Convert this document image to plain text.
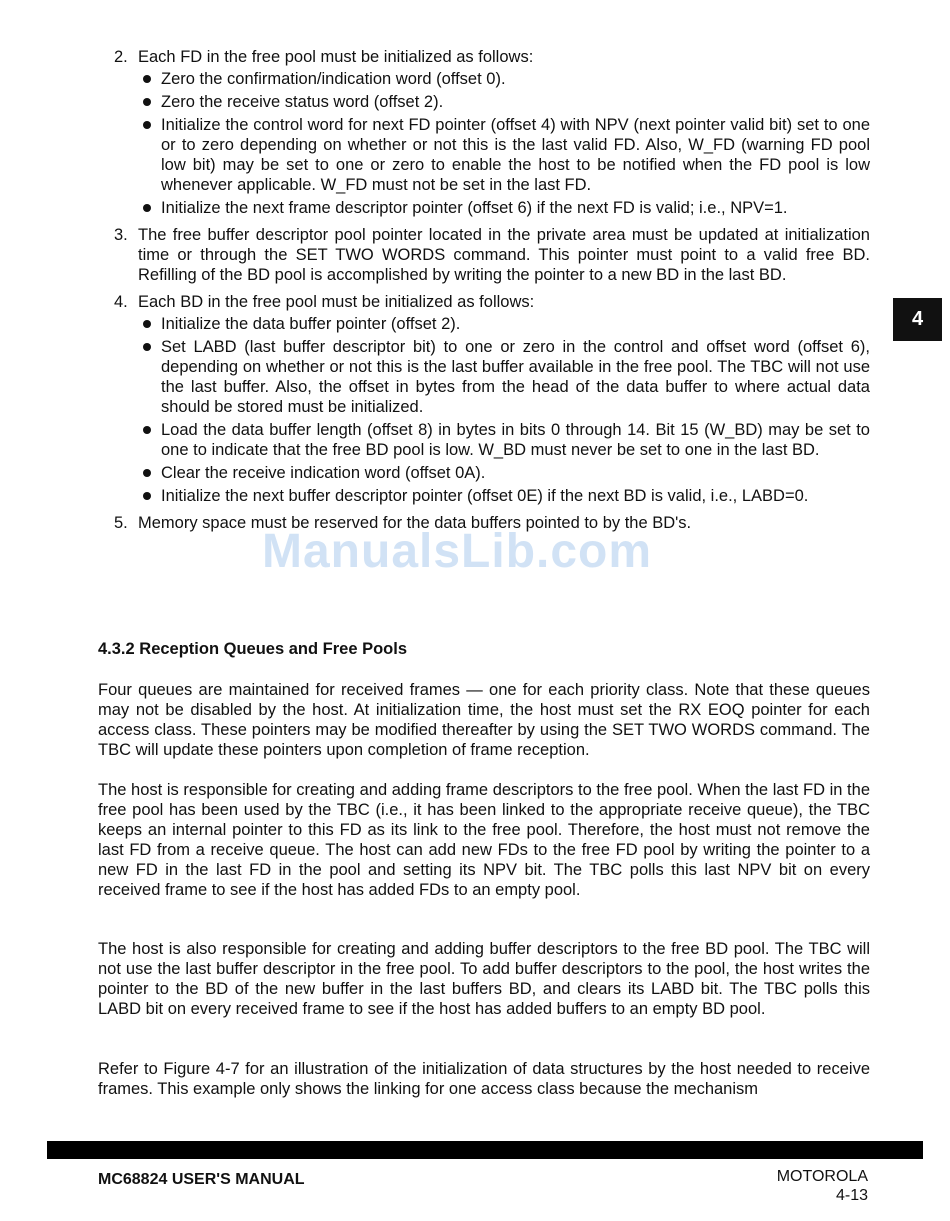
2. Each FD in the free pool must be initialized as follows:
Zero the confirmation/indication word (offset 0).
Zero the receive status word (offset 2).
Initialize the control word for next FD pointer (offset 4) with NPV (next pointer valid bit) set to one or to zero depending on whether or not this is the last valid FD. Also, W_FD (warning FD pool low bit) may be set to one or zero to enable the host to be notified when the FD pool is low whenever applicable. W_FD must not be set in the last FD.
Initialize the next frame descriptor pointer (offset 6) if the next FD is valid; i.e., NPV=1.
3. The free buffer descriptor pool pointer located in the private area must be updated at initialization time or through the SET TWO WORDS command. This pointer must point to a valid free BD. Refilling of the BD pool is accomplished by writing the pointer to a new BD in the last BD.
4. Each BD in the free pool must be initialized as follows:
Initialize the data buffer pointer (offset 2).
Set LABD (last buffer descriptor bit) to one or zero in the control and offset word (offset 6), depending on whether or not this is the last buffer available in the free pool. The TBC will not use the last buffer. Also, the offset in bytes from the head of the data buffer to where actual data should be stored must be initialized.
Load the data buffer length (offset 8) in bytes in bits 0 through 14. Bit 15 (W_BD) may be set to one to indicate that the free BD pool is low. W_BD must never be set to one in the last BD.
Clear the receive indication word (offset 0A).
Initialize the next buffer descriptor pointer (offset 0E) if the next BD is valid, i.e., LABD=0.
5. Memory space must be reserved for the data buffers pointed to by the BD's.
ManualsLib.com
4.3.2 Reception Queues and Free Pools
Four queues are maintained for received frames — one for each priority class. Note that these queues may not be disabled by the host. At initialization time, the host must set the RX EOQ pointer for each access class. These pointers may be modified thereafter by using the SET TWO WORDS command. The TBC will update these pointers upon completion of frame reception.
The host is responsible for creating and adding frame descriptors to the free pool. When the last FD in the free pool has been used by the TBC (i.e., it has been linked to the appropriate receive queue), the TBC keeps an internal pointer to this FD as its link to the free pool. Therefore, the host must not remove the last FD from a receive queue. The host can add new FDs to the free FD pool by writing the pointer to a new FD in the last FD in the pool and setting its NPV bit. The TBC polls this last NPV bit on every received frame to see if the host has added FDs to an empty pool.
The host is also responsible for creating and adding buffer descriptors to the free BD pool. The TBC will not use the last buffer descriptor in the free pool. To add buffer descriptors to the pool, the host writes the pointer to the BD of the new buffer in the last buffers BD, and clears its LABD bit. The TBC polls this LABD bit on every received frame to see if the host has added buffers to an empty BD pool.
Refer to Figure 4-7 for an illustration of the initialization of data structures by the host needed to receive frames. This example only shows the linking for one access class because the mechanism
4
MC68824 USER'S MANUAL	MOTOROLA
4-13
